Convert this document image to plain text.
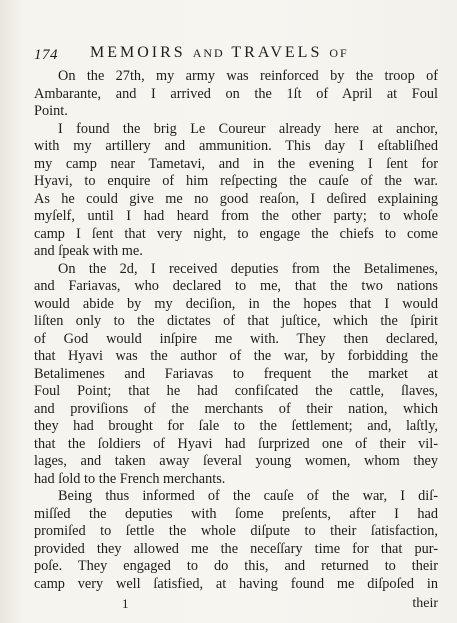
174 MEMOIRS AND TRAVELS OF
On the 27th, my army was reinforced by the troop of
Ambarante, and I arrived on the 1ſt of April at Foul
Point.
I found the brig Le Coureur already here at anchor,
with my artillery and ammunition. This day I eſtabliſhed
my camp near Tametavi, and in the evening I ſent for
Hyavi, to enquire of him reſpecting the cauſe of the war.
As he could give me no good reaſon, I deſired explaining
myſelf, until I had heard from the other party; to whoſe
camp I ſent that very night, to engage the chiefs to come
and ſpeak with me.
On the 2d, I received deputies from the Betalimenes,
and Fariavas, who declared to me, that the two nations
would abide by my deciſion, in the hopes that I would
liſten only to the dictates of that juſtice, which the ſpirit
of God would inſpire me with. They then declared,
that Hyavi was the author of the war, by forbidding the
Betalimenes and Fariavas to frequent the market at
Foul Point; that he had confiſcated the cattle, ſlaves,
and proviſions of the merchants of their nation, which
they had brought for ſale to the ſettlement; and, laſtly,
that the ſoldiers of Hyavi had ſurprized one of their vil-
lages, and taken away ſeveral young women, whom they
had ſold to the French merchants.
Being thus informed of the cauſe of the war, I diſ-
miſſed the deputies with ſome preſents, after I had
promiſed to ſettle the whole diſpute to their ſatisfaction,
provided they allowed me the neceſſary time for that pur-
poſe. They engaged to do this, and returned to their
camp very well ſatisfied, at having found me diſpoſed in
1	their
